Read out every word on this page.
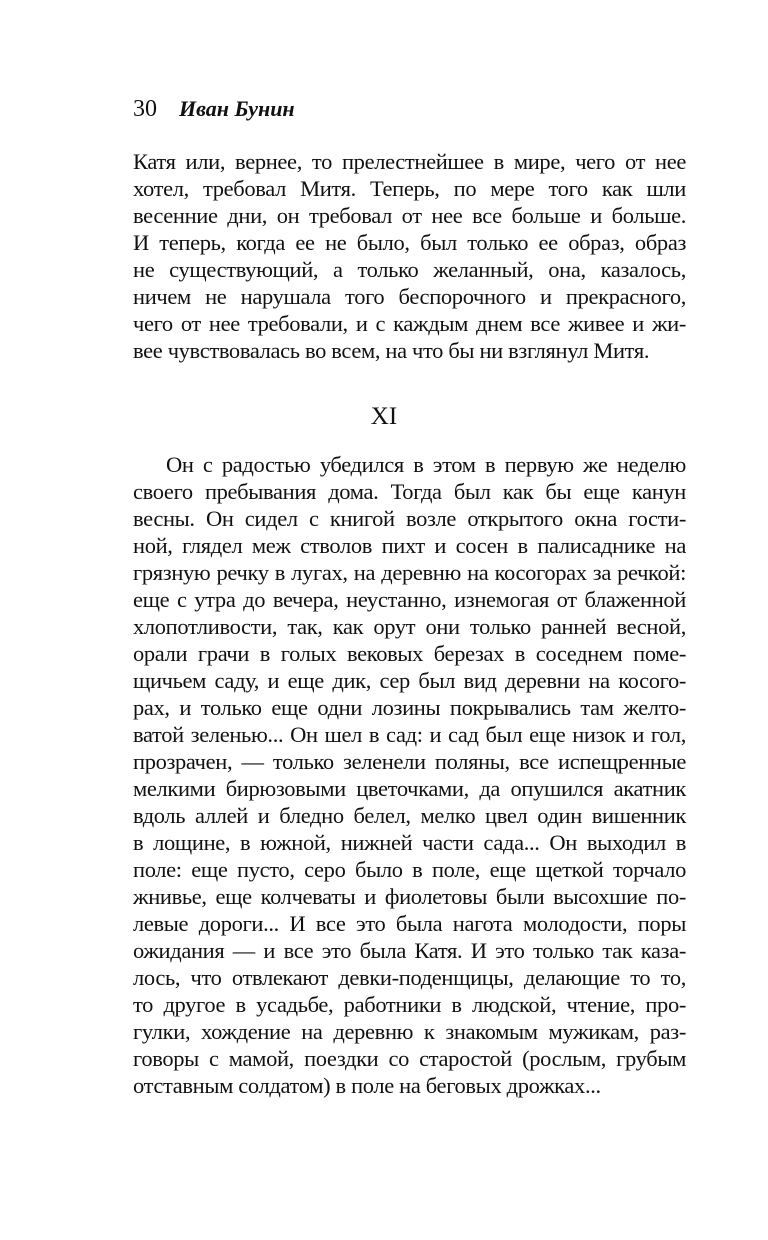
30 Иван Бунин
Катя или, вернее, то прелестнейшее в мире, чего от нее
хотел, требовал Митя. Теперь, по мере того как шли
весенние дни, он требовал от нее все больше и больше.
И теперь, когда ее не было, был только ее образ, образ
не существующий, а только желанный, она, казалось,
ничем не нарушала того беспорочного и прекрасного,
чего от нее требовали, и с каждым днем все живее и жи-
вее чувствовалась во всем, на что бы ни взглянул Митя.
XI
Он с радостью убедился в этом в первую же неделю
своего пребывания дома. Тогда был как бы еще канун
весны. Он сидел с книгой возле открытого окна гости-
ной, глядел меж стволов пихт и сосен в палисаднике на
грязную речку в лугах, на деревню на косогорах за речкой:
еще с утра до вечера, неустанно, изнемогая от блаженной
хлопотливости, так, как орут они только ранней весной,
орали грачи в голых вековых березах в соседнем поме-
щичьем саду, и еще дик, сер был вид деревни на косого-
рах, и только еще одни лозины покрывались там желто-
ватой зеленью... Он шел в сад: и сад был еще низок и гол,
прозрачен, — только зеленели поляны, все испещренные
мелкими бирюзовыми цветочками, да опушился акатник
вдоль аллей и бледно белел, мелко цвел один вишенник
в лощине, в южной, нижней части сада... Он выходил в
поле: еще пусто, серо было в поле, еще щеткой торчало
жнивье, еще колчеваты и фиолетовы были высохшие по-
левые дороги... И все это была нагота молодости, поры
ожидания — и все это была Катя. И это только так каза-
лось, что отвлекают девки-поденщицы, делающие то то,
то другое в усадьбе, работники в людской, чтение, про-
гулки, хождение на деревню к знакомым мужикам, раз-
говоры с мамой, поездки со старостой (рослым, грубым
отставным солдатом) в поле на беговых дрожках...
